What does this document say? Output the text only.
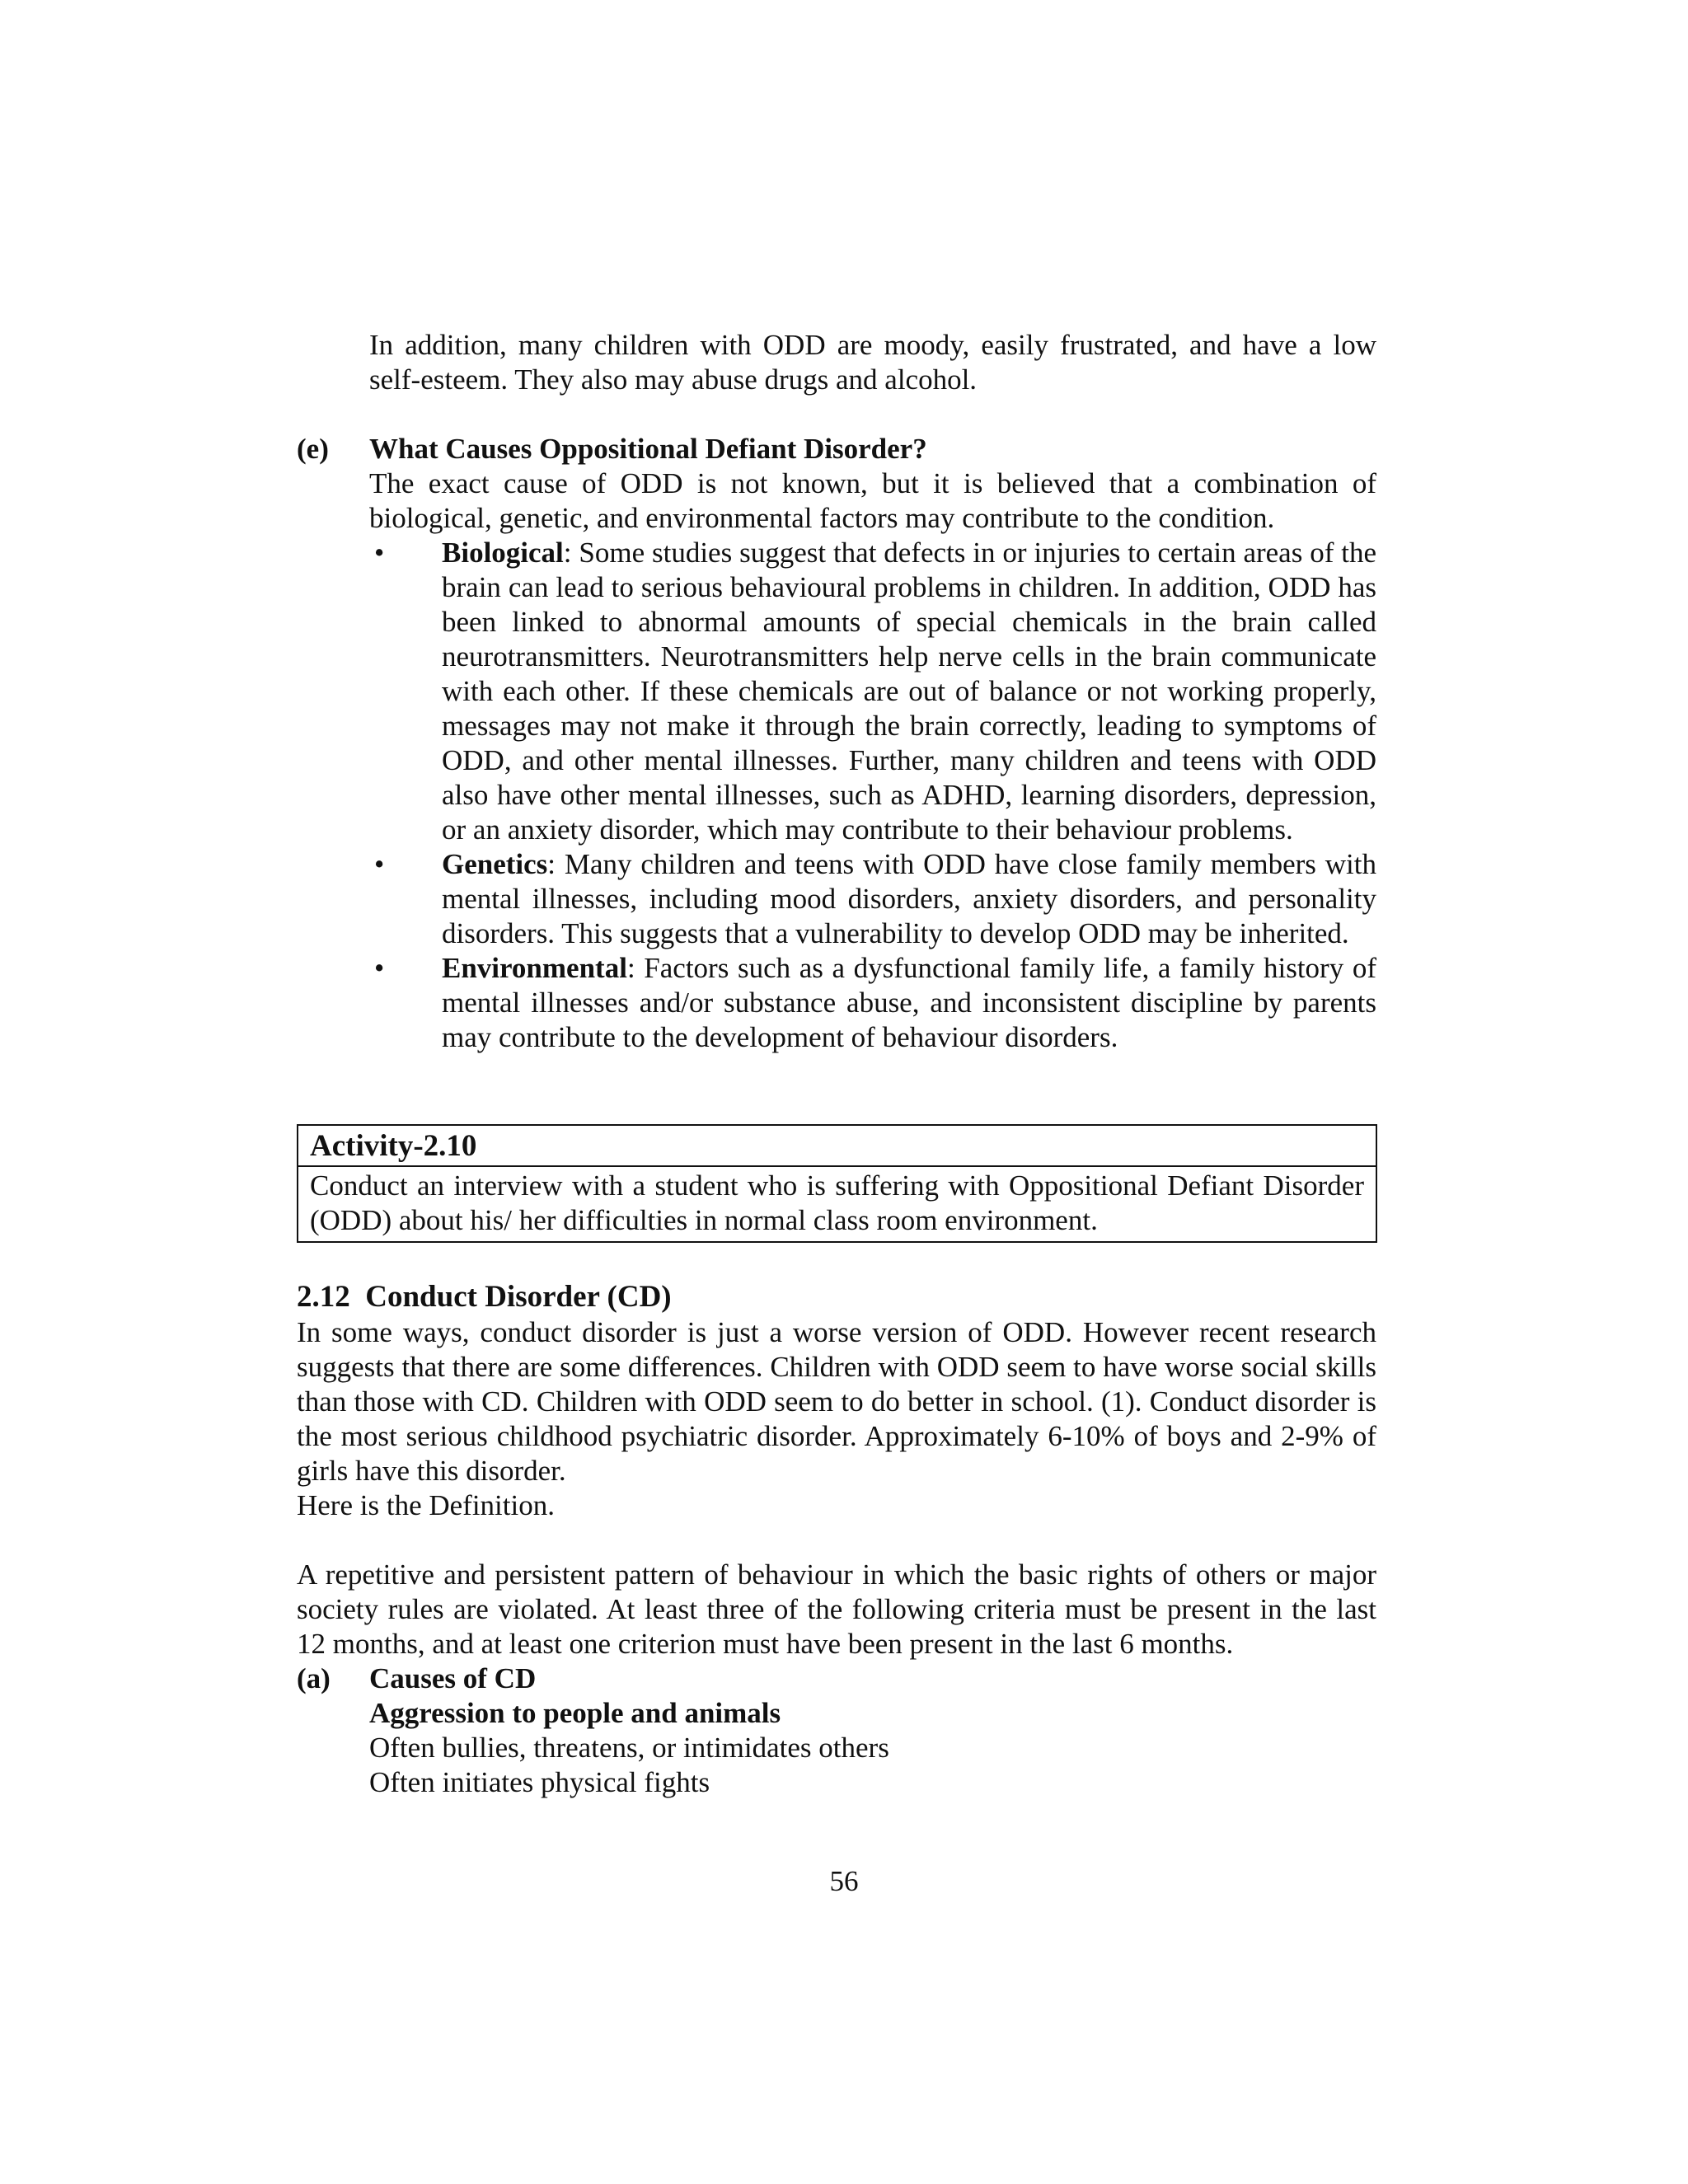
In addition, many children with ODD are moody, easily frustrated, and have a low self-esteem. They also may abuse drugs and alcohol.
(e)	What Causes Oppositional Defiant Disorder?
The exact cause of ODD is not known, but it is believed that a combination of biological, genetic, and environmental factors may contribute to the condition.
•	Biological: Some studies suggest that defects in or injuries to certain areas of the brain can lead to serious behavioural problems in children. In addition, ODD has been linked to abnormal amounts of special chemicals in the brain called neurotransmitters. Neurotransmitters help nerve cells in the brain communicate with each other. If these chemicals are out of balance or not working properly, messages may not make it through the brain correctly, leading to symptoms of ODD, and other mental illnesses. Further, many children and teens with ODD also have other mental illnesses, such as ADHD, learning disorders, depression, or an anxiety disorder, which may contribute to their behaviour problems.
•	Genetics: Many children and teens with ODD have close family members with mental illnesses, including mood disorders, anxiety disorders, and personality disorders. This suggests that a vulnerability to develop ODD may be inherited.
•	Environmental: Factors such as a dysfunctional family life, a family history of mental illnesses and/or substance abuse, and inconsistent discipline by parents may contribute to the development of behaviour disorders.
Activity-2.10
Conduct an interview with a student who is suffering with Oppositional Defiant Disorder (ODD) about his/ her difficulties in normal class room environment.
2.12  Conduct Disorder (CD)
In some ways, conduct disorder is just a worse version of ODD. However recent research suggests that there are some differences. Children with ODD seem to have worse social skills than those with CD. Children with ODD seem to do better in school. (1). Conduct disorder is the most serious childhood psychiatric disorder. Approximately 6-10% of boys and 2-9% of girls have this disorder.
Here is the Definition.
A repetitive and persistent pattern of behaviour in which the basic rights of others or major society rules are violated. At least three of the following criteria must be present in the last 12 months, and at least one criterion must have been present in the last 6 months.
(a)	Causes of CD
Aggression to people and animals
Often bullies, threatens, or intimidates others
Often initiates physical fights
56
